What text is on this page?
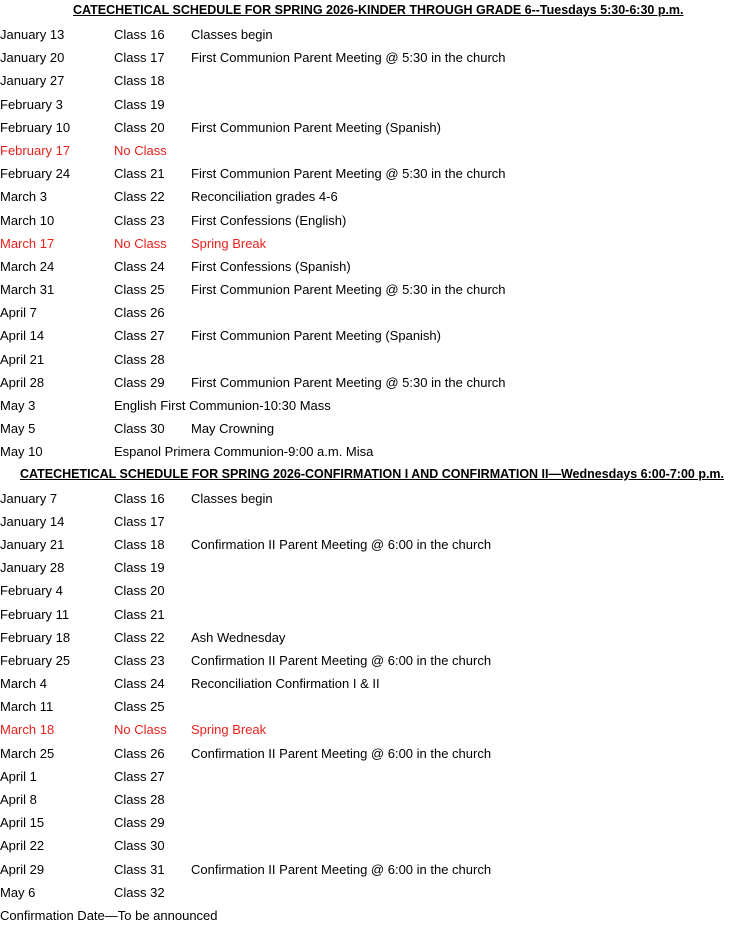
CATECHETICAL SCHEDULE FOR SPRING 2026-KINDER THROUGH GRADE 6--Tuesdays 5:30-6:30 p.m.
January 13	Class 16 Classes begin
January 20	Class 17 First Communion Parent Meeting @ 5:30 in the church
January 27	Class 18
February 3	Class 19
February 10	Class 20 First Communion Parent Meeting (Spanish)
February 17	No Class
February 24	Class 21 First Communion Parent Meeting @ 5:30 in the church
March 3	Class 22 Reconciliation grades 4-6
March 10	Class 23 First Confessions (English)
March 17	No Class Spring Break
March 24	Class 24 First Confessions (Spanish)
March 31	Class 25 First Communion Parent Meeting @ 5:30 in the church
April 7	Class 26
April 14	Class 27 First Communion Parent Meeting (Spanish)
April 21	Class 28
April 28	Class 29 First Communion Parent Meeting @ 5:30 in the church
May 3	English First Communion-10:30 Mass
May 5	Class 30 May Crowning
May 10	Espanol Primera Communion-9:00 a.m. Misa
CATECHETICAL SCHEDULE FOR SPRING 2026-CONFIRMATION I AND CONFIRMATION II—Wednesdays 6:00-7:00 p.m.
January 7	Class 16 Classes begin
January 14	Class 17
January 21	Class 18 Confirmation II Parent Meeting @ 6:00 in the church
January 28	Class 19
February 4	Class 20
February 11	Class 21
February 18	Class 22 Ash Wednesday
February 25	Class 23 Confirmation II Parent Meeting @ 6:00 in the church
March 4	Class 24 Reconciliation Confirmation I & II
March 11	Class 25
March 18	No Class Spring Break
March 25	Class 26 Confirmation II Parent Meeting @ 6:00 in the church
April 1	Class 27
April 8	Class 28
April 15	Class 29
April 22	Class 30
April 29	Class 31 Confirmation II Parent Meeting @ 6:00 in the church
May 6	Class 32
Confirmation Date—To be announced
